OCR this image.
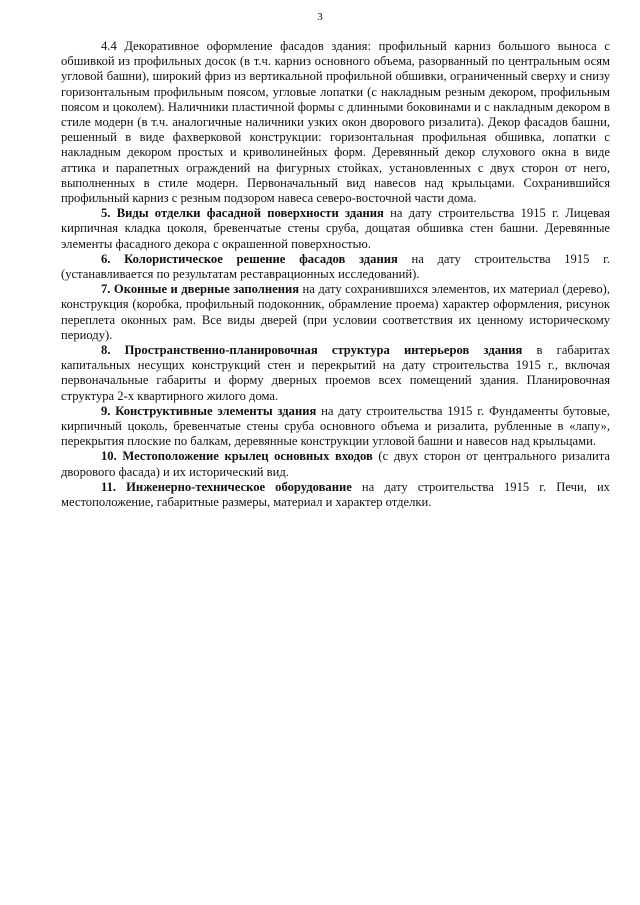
3

4.4 Декоративное оформление фасадов здания: профильный карниз большого выноса с обшивкой из профильных досок (в т.ч. карниз основного объема, разорванный по центральным осям угловой башни), широкий фриз из вертикальной профильной обшивки, ограниченный сверху и снизу горизонтальным профильным поясом, угловые лопатки (с накладным резным декором, профильным поясом и цоколем). Наличники пластичной формы с длинными боковинами и с накладным декором в стиле модерн (в т.ч. аналогичные наличники узких окон дворового ризалита). Декор фасадов башни, решенный в виде фахверковой конструкции: горизонтальная профильная обшивка, лопатки с накладным декором простых и криволинейных форм. Деревянный декор слухового окна в виде аттика и парапетных ограждений на фигурных стойках, установленных с двух сторон от него, выполненных в стиле модерн. Первоначальный вид навесов над крыльцами. Сохранившийся профильный карниз с резным подзором навеса северо-восточной части дома.

5. Виды отделки фасадной поверхности здания на дату строительства 1915 г. Лицевая кирпичная кладка цоколя, бревенчатые стены сруба, дощатая обшивка стен башни. Деревянные элементы фасадного декора с окрашенной поверхностью.

6. Колористическое решение фасадов здания на дату строительства 1915 г. (устанавливается по результатам реставрационных исследований).

7. Оконные и дверные заполнения на дату сохранившихся элементов, их материал (дерево), конструкция (коробка, профильный подоконник, обрамление проема) характер оформления, рисунок переплета оконных рам. Все виды дверей (при условии соответствия их ценному историческому периоду).

8. Пространственно-планировочная структура интерьеров здания в габаритах капитальных несущих конструкций стен и перекрытий на дату строительства 1915 г., включая первоначальные габариты и форму дверных проемов всех помещений здания. Планировочная структура 2-х квартирного жилого дома.

9. Конструктивные элементы здания на дату строительства 1915 г. Фундаменты бутовые, кирпичный цоколь, бревенчатые стены сруба основного объема и ризалита, рубленные в «лапу», перекрытия плоские по балкам, деревянные конструкции угловой башни и навесов над крыльцами.

10. Местоположение крылец основных входов (с двух сторон от центрального ризалита дворового фасада) и их исторический вид.

11. Инженерно-техническое оборудование на дату строительства 1915 г. Печи, их местоположение, габаритные размеры, материал и характер отделки.
